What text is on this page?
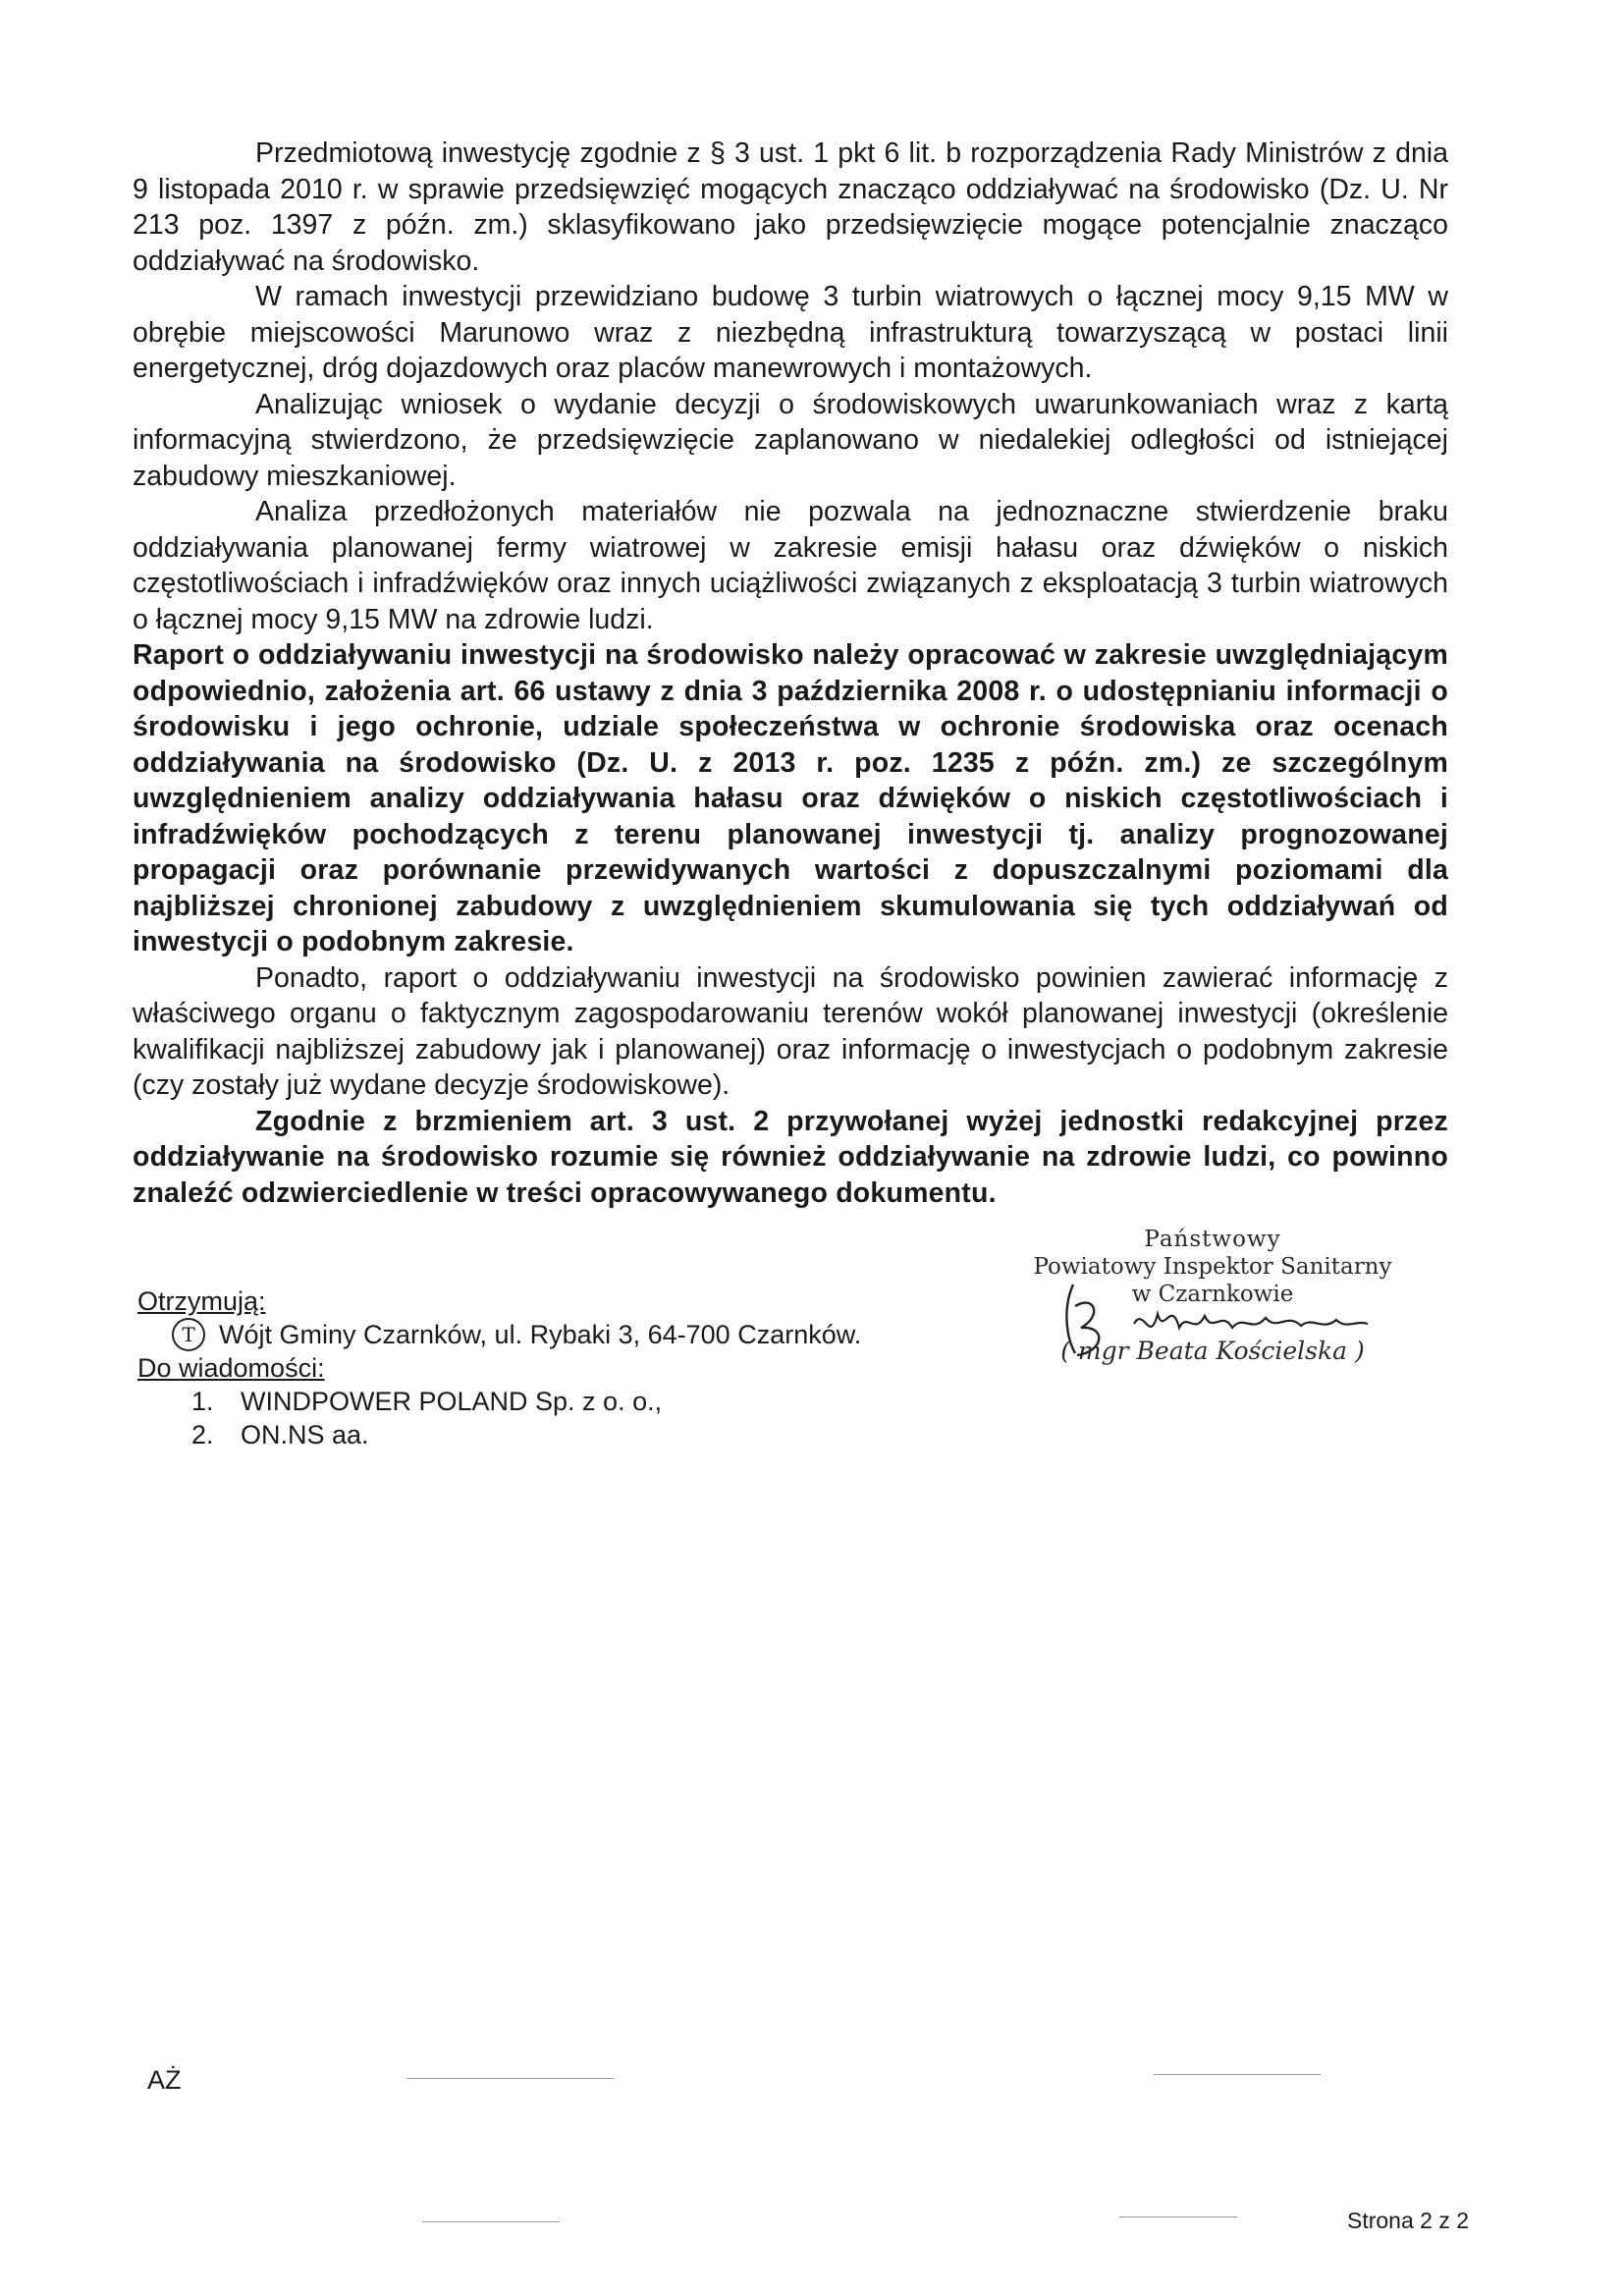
Przedmiotową inwestycję zgodnie z § 3 ust. 1 pkt 6 lit. b rozporządzenia Rady Ministrów z dnia 9 listopada 2010 r. w sprawie przedsięwzięć mogących znacząco oddziaływać na środowisko (Dz. U. Nr 213 poz. 1397 z późn. zm.) sklasyfikowano jako przedsięwzięcie mogące potencjalnie znacząco oddziaływać na środowisko.

W ramach inwestycji przewidziano budowę 3 turbin wiatrowych o łącznej mocy 9,15 MW w obrębie miejscowości Marunowo wraz z niezbędną infrastrukturą towarzyszącą w postaci linii energetycznej, dróg dojazdowych oraz placów manewrowych i montażowych.

Analizując wniosek o wydanie decyzji o środowiskowych uwarunkowaniach wraz z kartą informacyjną stwierdzono, że przedsięwzięcie zaplanowano w niedalekiej odległości od istniejącej zabudowy mieszkaniowej.

Analiza przedłożonych materiałów nie pozwala na jednoznaczne stwierdzenie braku oddziaływania planowanej fermy wiatrowej w zakresie emisji hałasu oraz dźwięków o niskich częstotliwościach i infradźwięków oraz innych uciążliwości związanych z eksploatacją 3 turbin wiatrowych o łącznej mocy 9,15 MW na zdrowie ludzi.

Raport o oddziaływaniu inwestycji na środowisko należy opracować w zakresie uwzględniającym odpowiednio, założenia art. 66 ustawy z dnia 3 października 2008 r. o udostępnianiu informacji o środowisku i jego ochronie, udziale społeczeństwa w ochronie środowiska oraz ocenach oddziaływania na środowisko (Dz. U. z 2013 r. poz. 1235 z późn. zm.) ze szczególnym uwzględnieniem analizy oddziaływania hałasu oraz dźwięków o niskich częstotliwościach i infradźwięków pochodzących z terenu planowanej inwestycji tj. analizy prognozowanej propagacji oraz porównanie przewidywanych wartości z dopuszczalnymi poziomami dla najbliższej chronionej zabudowy z uwzględnieniem skumulowania się tych oddziaływań od inwestycji o podobnym zakresie.

Ponadto, raport o oddziaływaniu inwestycji na środowisko powinien zawierać informację z właściwego organu o faktycznym zagospodarowaniu terenów wokół planowanej inwestycji (określenie kwalifikacji najbliższej zabudowy jak i planowanej) oraz informację o inwestycjach o podobnym zakresie (czy zostały już wydane decyzje środowiskowe).

Zgodnie z brzmieniem art. 3 ust. 2 przywołanej wyżej jednostki redakcyjnej przez oddziaływanie na środowisko rozumie się również oddziaływanie na zdrowie ludzi, co powinno znaleźć odzwierciedlenie w treści opracowywanego dokumentu.

Państwowy
Powiatowy Inspektor Sanitarny
w Czarnkowie
( mgr Beata Kościelska )
Otrzymują:
T Wójt Gminy Czarnków, ul. Rybaki 3, 64-700 Czarnków.
Do wiadomości:
1.	WINDPOWER POLAND Sp. z o. o.,
2.	ON.NS aa.
AŻ
Strona 2 z 2
